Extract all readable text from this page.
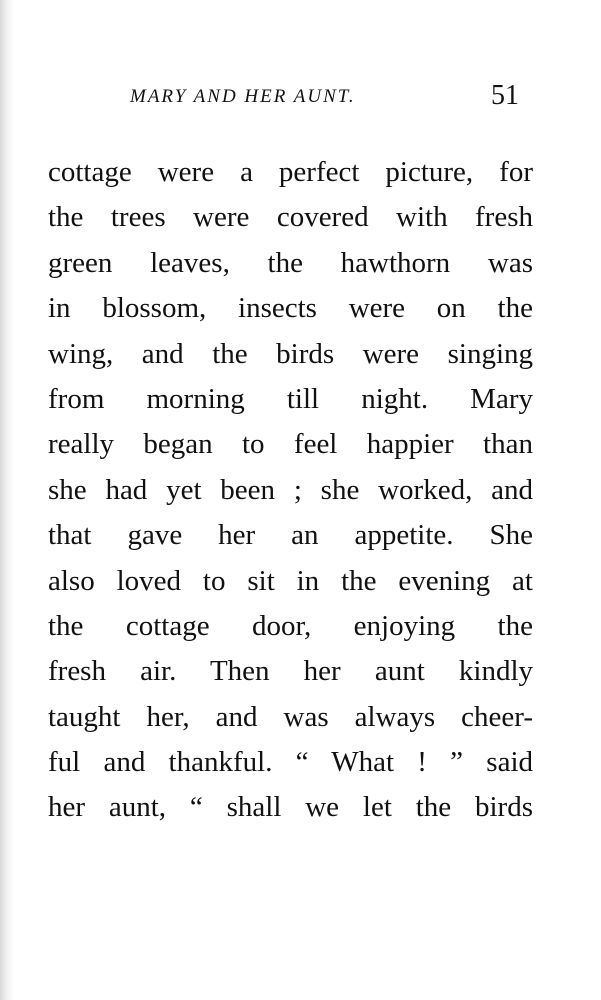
MARY AND HER AUNT.	51
cottage were a perfect picture, for
the trees were covered with fresh
green leaves, the hawthorn was
in blossom, insects were on the
wing, and the birds were singing
from morning till night. Mary
really began to feel happier than
she had yet been ; she worked, and
that gave her an appetite. She
also loved to sit in the evening at
the cottage door, enjoying the
fresh air. Then her aunt kindly
taught her, and was always cheer-
ful and thankful. “ What ! ” said
her aunt, “ shall we let the birds
